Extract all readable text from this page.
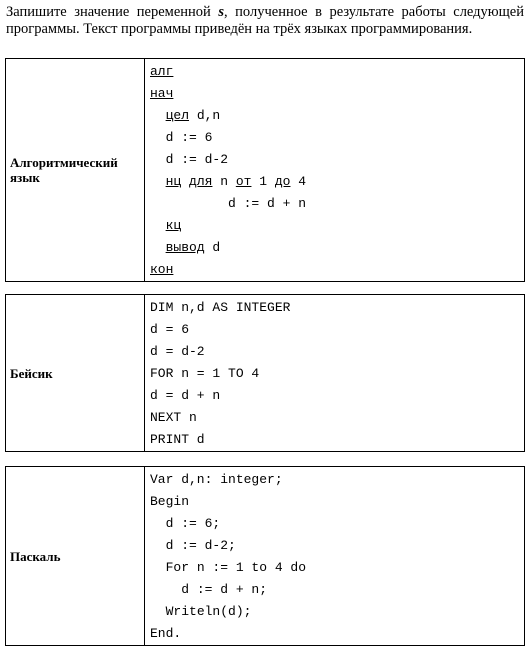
Запишите значение переменной s, полученное в результате работы следующей программы. Текст программы приведён на трёх языках программирования.
Алгоритмический язык	
алг
нач
цел d,n
d := 6
d := d-2
нц для n от 1 до 4
d := d + n
кц
вывод d
кон
Бейсик	
DIM n,d AS INTEGER
d = 6
d = d-2
FOR n = 1 TO 4
d = d + n
NEXT n
PRINT d
Паскаль	
Var d,n: integer;
Begin
d := 6;
d := d-2;
For n := 1 to 4 do
d := d + n;
Writeln(d);
End.
